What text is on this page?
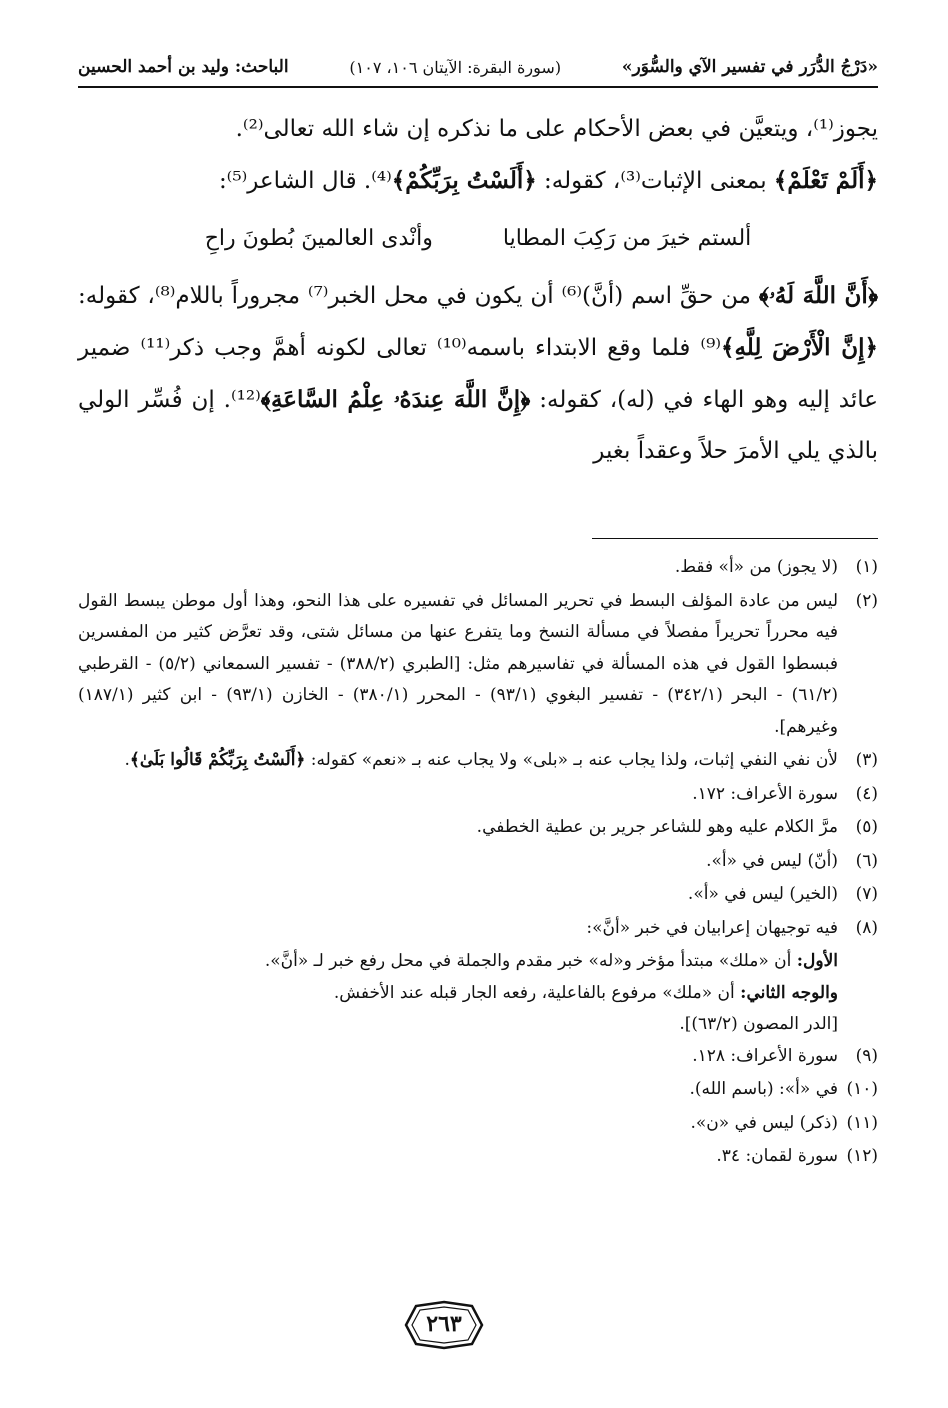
«دَرْجُ الدُّرَر في تفسير الآي والسُّوَر»
(سورة البقرة: الآيتان ١٠٦، ١٠٧)
الباحث: وليد بن أحمد الحسين

يجوز⁽¹⁾، ويتعيَّن في بعض الأحكام على ما نذكره إن شاء الله تعالى⁽²⁾.

﴿أَلَمْ تَعْلَمْ﴾ بمعنى الإثبات⁽³⁾، كقوله: ﴿أَلَسْتُ بِرَبِّكُمْ﴾⁽⁴⁾. قال الشاعر⁽⁵⁾:

ألستم خيرَ من رَكِبَ المطاياوأنْدى العالمينَ بُطونَ راحِ

﴿أَنَّ اللَّهَ لَهُۥ﴾ من حقِّ اسم (أنَّ)⁽⁶⁾ أن يكون في محل الخبر⁽⁷⁾ مجروراً باللام⁽⁸⁾، كقوله: ﴿إِنَّ الْأَرْضَ لِلَّهِ﴾⁽⁹⁾ فلما وقع الابتداء باسمه⁽¹⁰⁾ تعالى لكونه أهمَّ وجب ذكر⁽¹¹⁾ ضمير عائد إليه وهو الهاء في (له)، كقوله: ﴿إِنَّ اللَّهَ عِندَهُۥ عِلْمُ السَّاعَةِ﴾⁽¹²⁾. إن فُسِّر الولي بالذي يلي الأمرَ حلاً وعقداً بغير

(١)
(لا يجوز) من «أ» فقط.
(٢)
ليس من عادة المؤلف البسط في تحرير المسائل في تفسيره على هذا النحو، وهذا أول موطن يبسط القول فيه محرراً تحريراً مفصلاً في مسألة النسخ وما يتفرع عنها من مسائل شتى، وقد تعرَّض كثير من المفسرين فبسطوا القول في هذه المسألة في تفاسيرهم مثل: [الطبري (٣٨٨/٢) - تفسير السمعاني (٥/٢) - القرطبي (٦١/٢) - البحر (٣٤٢/١) - تفسير البغوي (٩٣/١) - المحرر (٣٨٠/١) - الخازن (٩٣/١) - ابن كثير (١٨٧/١) وغيرهم].
(٣)
لأن نفي النفي إثبات، ولذا يجاب عنه بـ «بلى» ولا يجاب عنه بـ «نعم» كقوله: ﴿أَلَسْتُ بِرَبِّكُمْ قَالُوا بَلَىٰ﴾.
(٤)
سورة الأعراف: ١٧٢.
(٥)
مرَّ الكلام عليه وهو للشاعر جرير بن عطية الخطفي.
(٦)
(أنّ) ليس في «أ».
(٧)
(الخير) ليس في «أ».
(٨)
فيه توجيهان إعرابيان في خبر «أنَّ»:
الأول: أن «ملك» مبتدأ مؤخر و«له» خبر مقدم والجملة في محل رفع خبر لـ «أنَّ».
والوجه الثاني: أن «ملك» مرفوع بالفاعلية، رفعه الجار قبله عند الأخفش.
[الدر المصون (٦٣/٢)].
(٩)
سورة الأعراف: ١٢٨.
(١٠)
في «أ»: (باسم الله).
(١١)
(ذكر) ليس في «ن».
(١٢)
سورة لقمان: ٣٤.
٢٦٣
